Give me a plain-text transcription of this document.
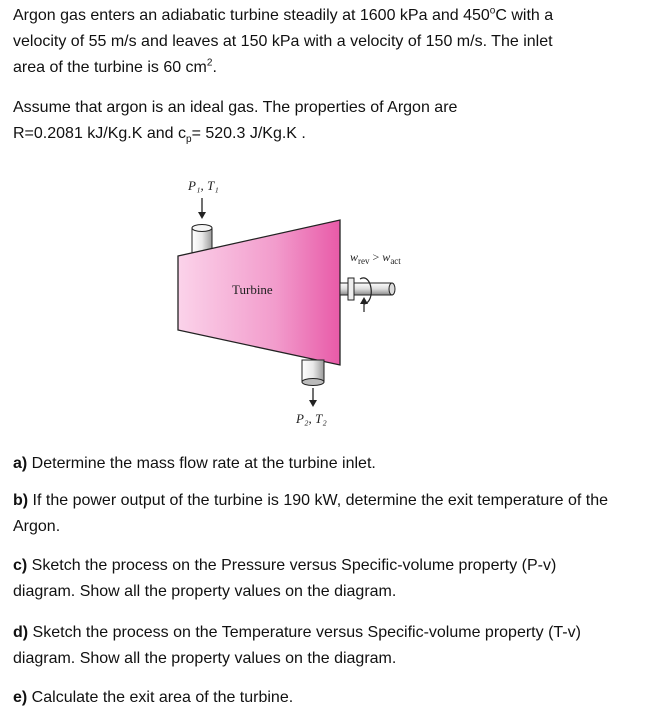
Argon gas enters an adiabatic turbine steadily at 1600 kPa and 450$^o$C with a
velocity of 55 m/s and leaves at 150 kPa with a velocity of 150 m/s. The inlet
area of the turbine is 60 $cm^2$.
Assume that argon is an ideal gas. The properties of Argon are
R=0.2081 kJ/Kg.K and $c_p= 520.3$ J/Kg.K .
P₁, T₁
Turbine
P₂, T₂
$w_{rev} > w_{act}$
a) Determine the mass flow rate at the turbine inlet.
b) If the power output of the turbine is 190 kW, determine the exit temperature of the Argon.
c) Sketch the process on the Pressure versus Specific-volume property (P-v) diagram. Show all the property values on the diagram.
d) Sketch the process on the Temperature versus Specific-volume property (T-v) diagram. Show all the property values on the diagram.
e) Calculate the exit area of the turbine.
